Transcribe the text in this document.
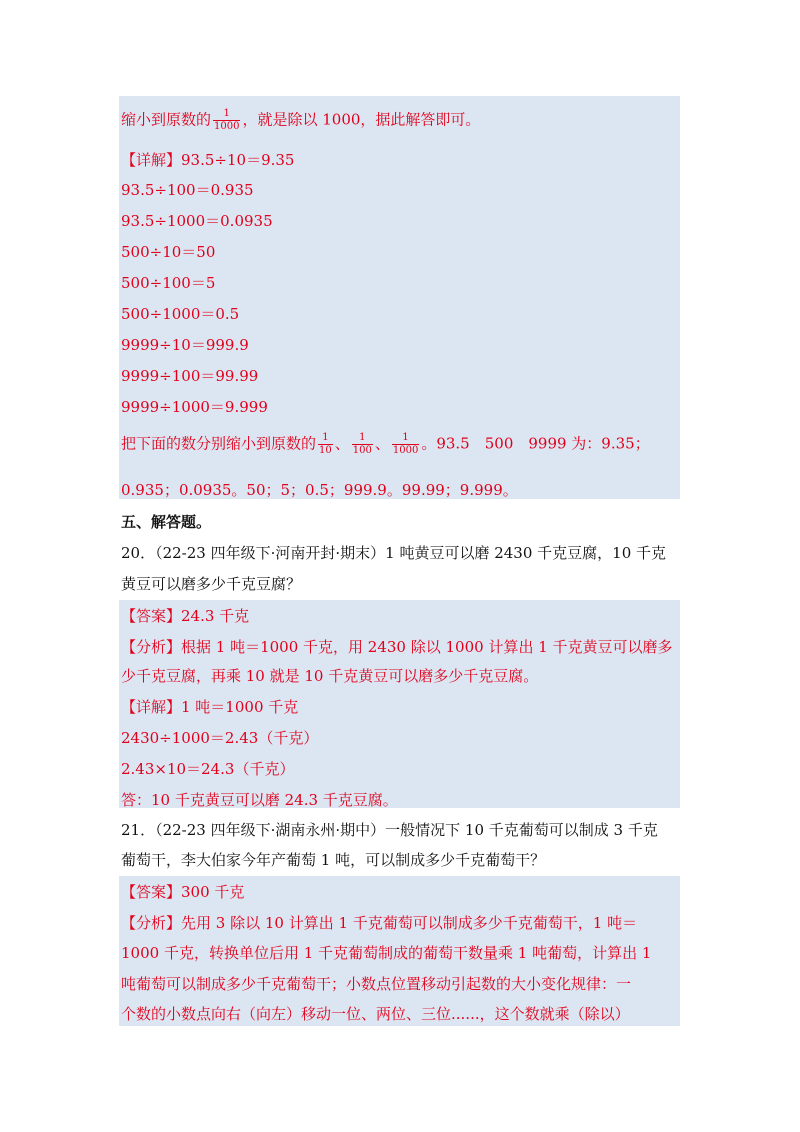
缩小到原数的 $\frac{1}{1000}$ ，就是除以 1000，据此解答即可。
【详解】93.5÷10＝9.35
93.5÷100＝0.935
93.5÷1000＝0.0935
500÷10＝50
500÷100＝5
500÷1000＝0.5
9999÷10＝999.9
9999÷100＝99.99
9999÷1000＝9.999
把下面的数分别缩小到原数的 $\frac{1}{10}$ 、 $\frac{1}{100}$ 、 $\frac{1}{1000}$ 。93.5　500　9999 为：9.35；
0.935；0.0935。50；5；0.5；999.9。99.99；9.999。
五、解答题。
20．（22-23 四年级下·河南开封·期末）1 吨黄豆可以磨 2430 千克豆腐，10 千克
黄豆可以磨多少千克豆腐？
【答案】24.3 千克
【分析】根据 1 吨＝1000 千克，用 2430 除以 1000 计算出 1 千克黄豆可以磨多
少千克豆腐，再乘 10 就是 10 千克黄豆可以磨多少千克豆腐。
【详解】1 吨＝1000 千克
2430÷1000＝2.43（千克）
2.43×10＝24.3（千克）
答：10 千克黄豆可以磨 24.3 千克豆腐。
21．（22-23 四年级下·湖南永州·期中）一般情况下 10 千克葡萄可以制成 3 千克
葡萄干，李大伯家今年产葡萄 1 吨，可以制成多少千克葡萄干？
【答案】300 千克
【分析】先用 3 除以 10 计算出 1 千克葡萄可以制成多少千克葡萄干，1 吨＝
1000 千克，转换单位后用 1 千克葡萄制成的葡萄干数量乘 1 吨葡萄，计算出 1
吨葡萄可以制成多少千克葡萄干；小数点位置移动引起数的大小变化规律：一
个数的小数点向右（向左）移动一位、两位、三位......，这个数就乘（除以）
